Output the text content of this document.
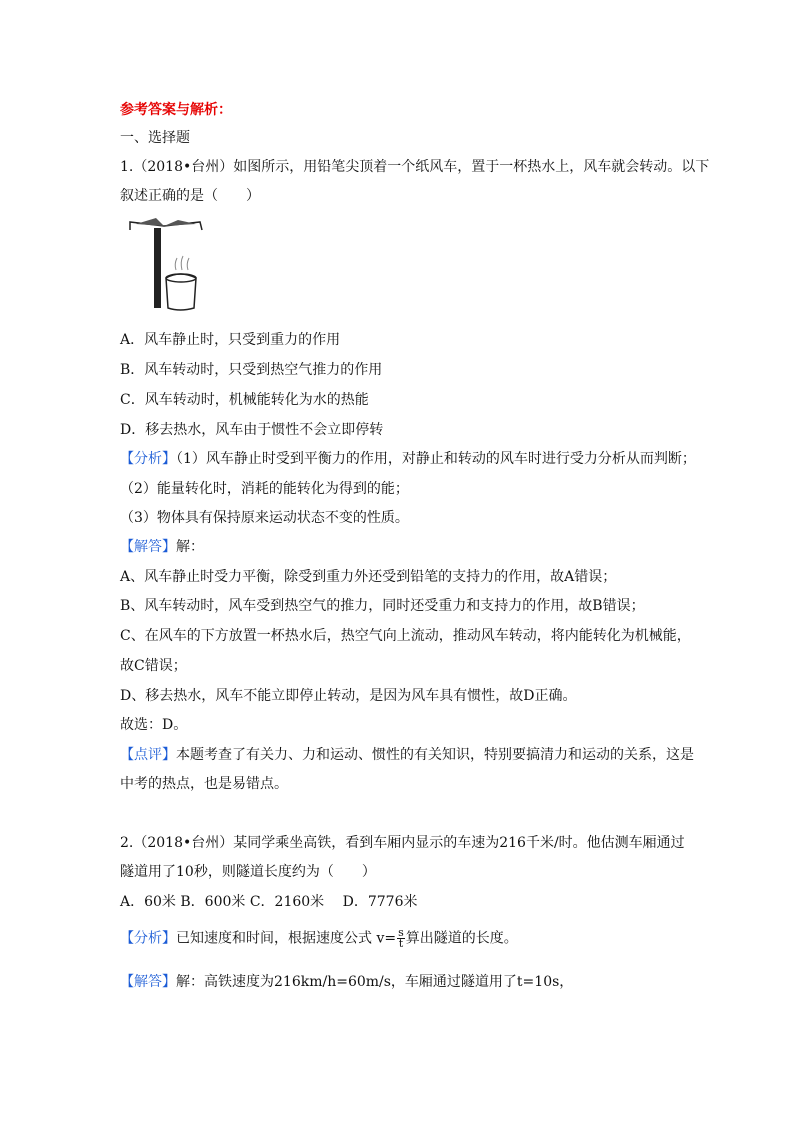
参考答案与解析：
一、选择题
1.（2018•台州）如图所示，用铅笔尖顶着一个纸风车，置于一杯热水上，风车就会转动。以下
叙述正确的是（　　）
A．风车静止时，只受到重力的作用
B．风车转动时，只受到热空气推力的作用
C．风车转动时，机械能转化为水的热能
D．移去热水，风车由于惯性不会立即停转
【分析】（1）风车静止时受到平衡力的作用，对静止和转动的风车时进行受力分析从而判断；
（2）能量转化时，消耗的能转化为得到的能；
（3）物体具有保持原来运动状态不变的性质。
【解答】解：
A、风车静止时受力平衡，除受到重力外还受到铅笔的支持力的作用，故A错误；
B、风车转动时，风车受到热空气的推力，同时还受重力和支持力的作用，故B错误；
C、在风车的下方放置一杯热水后，热空气向上流动，推动风车转动，将内能转化为机械能，
故C错误；
D、移去热水，风车不能立即停止转动，是因为风车具有惯性，故D正确。
故选：D。
【点评】本题考查了有关力、力和运动、惯性的有关知识，特别要搞清力和运动的关系，这是
中考的热点，也是易错点。
2.（2018•台州）某同学乘坐高铁，看到车厢内显示的车速为216千米/时。他估测车厢通过
隧道用了10秒，则隧道长度约为（　　）
A．60米 B．600米 C．2160米　 D．7776米
【分析】已知速度和时间，根据速度公式 $v= \frac{s}{t}$ 算出隧道的长度。
【解答】解：高铁速度为216km/h=60m/s，车厢通过隧道用了t=10s，
